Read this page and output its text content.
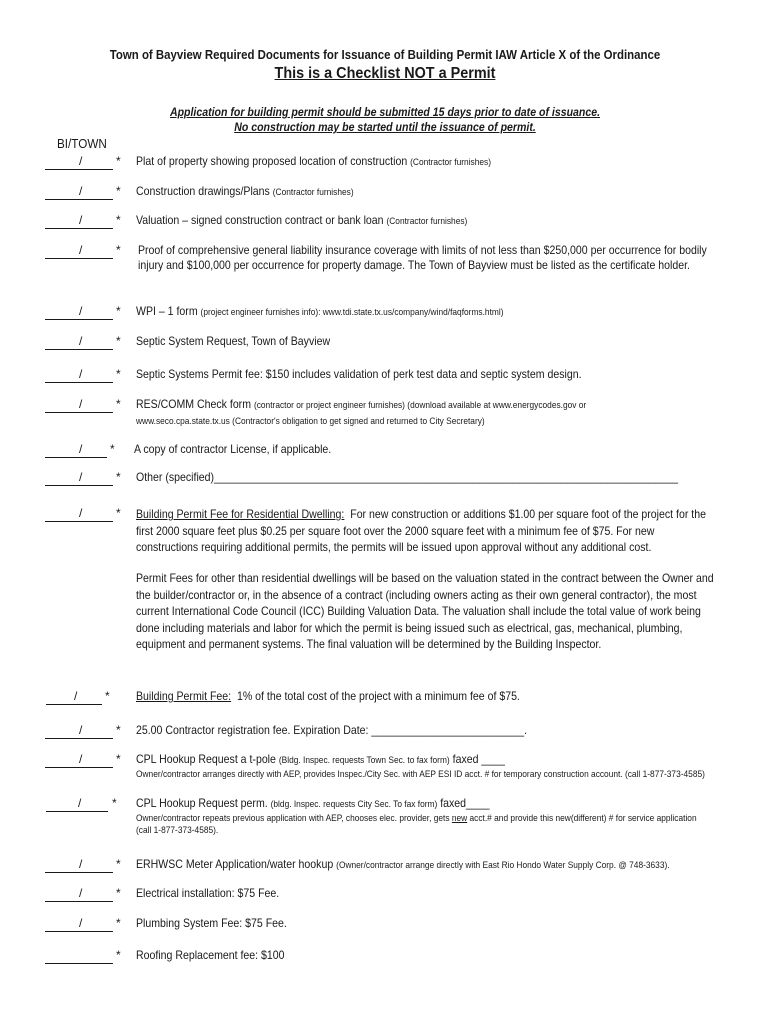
Town of Bayview Required Documents for Issuance of Building Permit IAW Article X of the Ordinance
This is a Checklist NOT a Permit
Application for building permit should be submitted 15 days prior to date of issuance.
No construction may be started until the issuance of permit.
BI/TOWN
/	* Plat of property showing proposed location of construction (Contractor furnishes)
/	* Construction drawings/Plans (Contractor furnishes)
/	* Valuation – signed construction contract or bank loan (Contractor furnishes)
/	* Proof of comprehensive general liability insurance coverage with limits of not less than $250,000 per occurrence for bodily injury and $100,000 per occurrence for property damage. The Town of Bayview must be listed as the certificate holder.
/	* WPI – 1 form (project engineer furnishes info): www.tdi.state.tx.us/company/wind/faqforms.html)
/	* Septic System Request, Town of Bayview
/	* Septic Systems Permit fee: $150 includes validation of perk test data and septic system design.
/	* RES/COMM Check form (contractor or project engineer furnishes) (download available at www.energycodes.gov or www.seco.cpa.state.tx.us (Contractor's obligation to get signed and returned to City Secretary)
/ * A copy of contractor License, if applicable.
/	* Other (specified)_______________________________________________________________________________
/	* Building Permit Fee for Residential Dwelling: For new construction or additions $1.00 per square foot of the project for the first 2000 square feet plus $0.25 per square foot over the 2000 square feet with a minimum fee of $75. For new constructions requiring additional permits, the permits will be issued upon approval without any additional cost.
Permit Fees for other than residential dwellings will be based on the valuation stated in the contract between the Owner and the builder/contractor or, in the absence of a contract (including owners acting as their own general contractor), the most current International Code Council (ICC) Building Valuation Data. The valuation shall include the total value of work being done including materials and labor for which the permit is being issued such as electrical, gas, mechanical, plumbing, equipment and permanent systems. The final valuation will be determined by the Building Inspector.
/ * Building Permit Fee: 1% of the total cost of the project with a minimum fee of $75.
/	* 25.00 Contractor registration fee. Expiration Date: __________________________.
/	* CPL Hookup Request a t-pole (Bldg. Inspec. requests Town Sec. to fax form) faxed ____
Owner/contractor arranges directly with AEP, provides Inspec./City Sec. with AEP ESI ID acct. # for temporary construction account. (call 1-877-373-4585)
/	* CPL Hookup Request perm. (bldg. Inspec. requests City Sec. To fax form) faxed____
Owner/contractor repeats previous application with AEP, chooses elec. provider, gets new acct.# and provide this new(different) # for service application (call 1-877-373-4585).
/	* ERHWSC Meter Application/water hookup (Owner/contractor arrange directly with East Rio Hondo Water Supply Corp. @ 748-3633).
/	* Electrical installation: $75 Fee.
/	* Plumbing System Fee: $75 Fee.
* Roofing Replacement fee: $100
